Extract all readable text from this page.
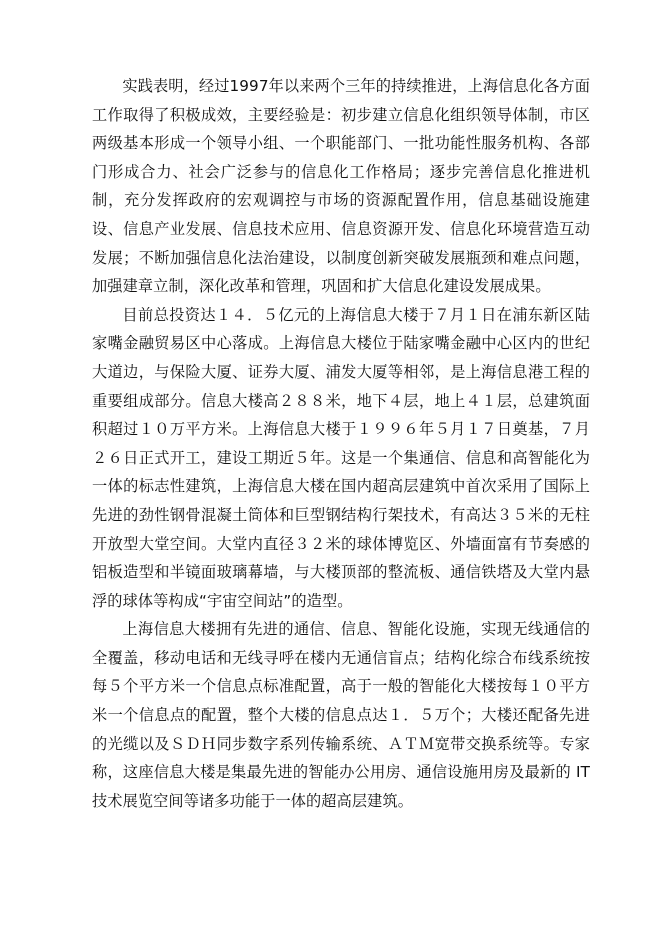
实践表明，经过1997年以来两个三年的持续推进，上海信息化各方面工作取得了积极成效，主要经验是：初步建立信息化组织领导体制，市区两级基本形成一个领导小组、一个职能部门、一批功能性服务机构、各部门形成合力、社会广泛参与的信息化工作格局；逐步完善信息化推进机制，充分发挥政府的宏观调控与市场的资源配置作用，信息基础设施建设、信息产业发展、信息技术应用、信息资源开发、信息化环境营造互动发展；不断加强信息化法治建设，以制度创新突破发展瓶颈和难点问题，加强建章立制，深化改革和管理，巩固和扩大信息化建设发展成果。

目前总投资达１４．５亿元的上海信息大楼于７月１日在浦东新区陆家嘴金融贸易区中心落成。上海信息大楼位于陆家嘴金融中心区内的世纪大道边，与保险大厦、证券大厦、浦发大厦等相邻，是上海信息港工程的重要组成部分。信息大楼高２８８米，地下４层，地上４１层，总建筑面积超过１０万平方米。上海信息大楼于１９９６年５月１７日奠基，７月２６日正式开工，建设工期近５年。这是一个集通信、信息和高智能化为一体的标志性建筑，上海信息大楼在国内超高层建筑中首次采用了国际上先进的劲性钢骨混凝土筒体和巨型钢结构行架技术，有高达３５米的无柱开放型大堂空间。大堂内直径３２米的球体博览区、外墙面富有节奏感的铝板造型和半镜面玻璃幕墙，与大楼顶部的整流板、通信铁塔及大堂内悬浮的球体等构成“宇宙空间站”的造型。

上海信息大楼拥有先进的通信、信息、智能化设施，实现无线通信的全覆盖，移动电话和无线寻呼在楼内无通信盲点；结构化综合布线系统按每５个平方米一个信息点标准配置，高于一般的智能化大楼按每１０平方米一个信息点的配置，整个大楼的信息点达１．５万个；大楼还配备先进的光缆以及ＳＤＨ同步数字系列传输系统、ＡＴＭ宽带交换系统等。专家称，这座信息大楼是集最先进的智能办公用房、通信设施用房及最新的 IT 技术展览空间等诸多功能于一体的超高层建筑。
